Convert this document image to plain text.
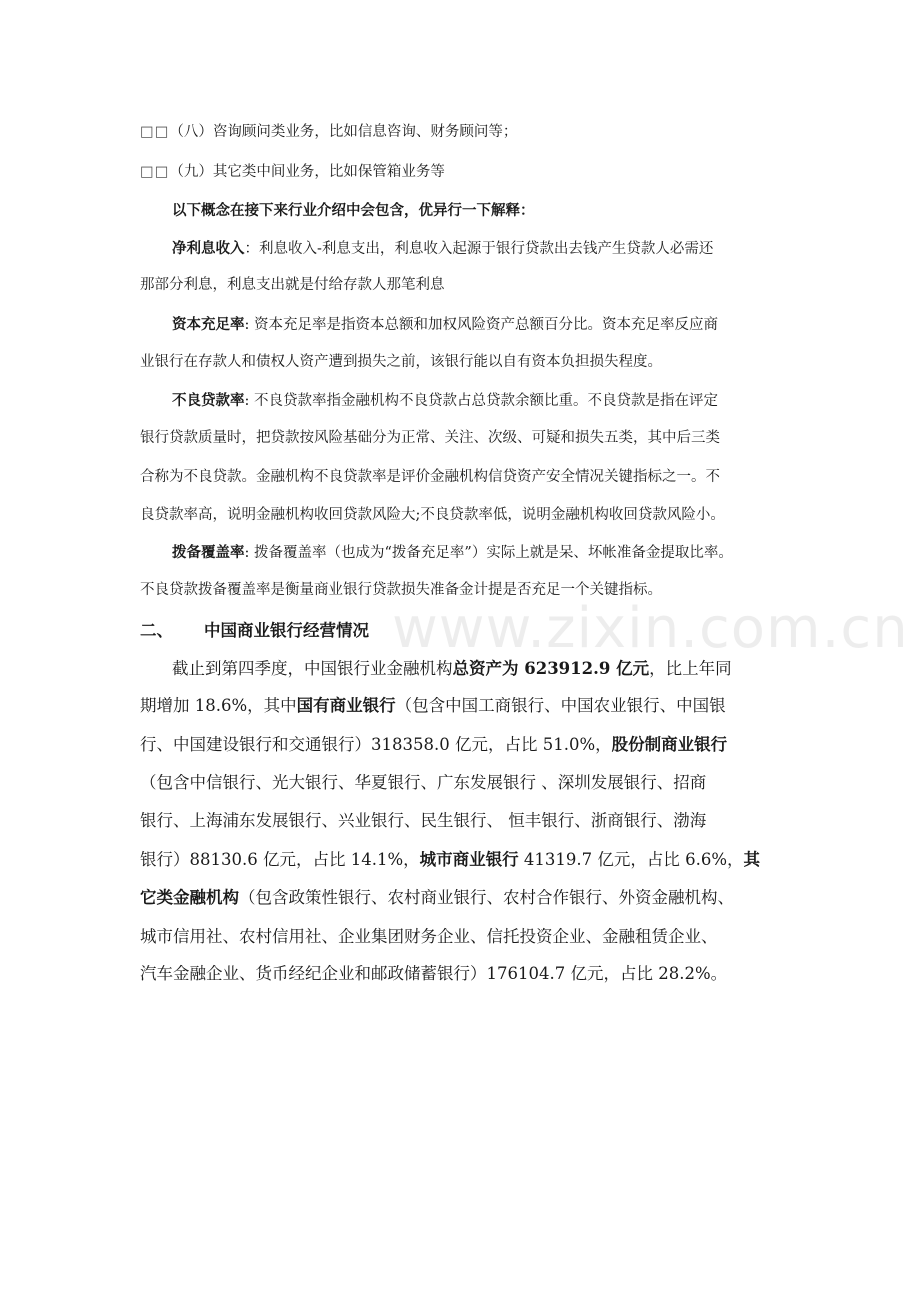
□□（八）咨询顾问类业务，比如信息咨询、财务顾问等；
□□（九）其它类中间业务，比如保管箱业务等
以下概念在接下来行业介绍中会包含，优异行一下解释：
净利息收入：利息收入-利息支出，利息收入起源于银行贷款出去钱产生贷款人必需还
那部分利息，利息支出就是付给存款人那笔利息
资本充足率: 资本充足率是指资本总额和加权风险资产总额百分比。资本充足率反应商
业银行在存款人和债权人资产遭到损失之前，该银行能以自有资本负担损失程度。
不良贷款率: 不良贷款率指金融机构不良贷款占总贷款余额比重。不良贷款是指在评定
银行贷款质量时，把贷款按风险基础分为正常、关注、次级、可疑和损失五类，其中后三类
合称为不良贷款。金融机构不良贷款率是评价金融机构信贷资产安全情况关键指标之一。不
良贷款率高，说明金融机构收回贷款风险大;不良贷款率低，说明金融机构收回贷款风险小。
拨备覆盖率: 拨备覆盖率（也成为“拨备充足率”）实际上就是呆、坏帐准备金提取比率。
不良贷款拨备覆盖率是衡量商业银行贷款损失准备金计提是否充足一个关键指标。
www.zixin.com.cn
二、 中国商业银行经营情况
截止到第四季度，中国银行业金融机构总资产为 623912.9 亿元，比上年同
期增加 18.6%，其中国有商业银行（包含中国工商银行、中国农业银行、中国银
行、中国建设银行和交通银行）318358.0 亿元，占比 51.0%，股份制商业银行
（包含中信银行、光大银行、华夏银行、广东发展银行 、深圳发展银行、招商
银行、上海浦东发展银行、兴业银行、民生银行、 恒丰银行、浙商银行、渤海
银行）88130.6 亿元，占比 14.1%，城市商业银行 41319.7 亿元，占比 6.6%，其
它类金融机构（包含政策性银行、农村商业银行、农村合作银行、外资金融机构、
城市信用社、农村信用社、企业集团财务企业、信托投资企业、金融租赁企业、
汽车金融企业、货币经纪企业和邮政储蓄银行）176104.7 亿元，占比 28.2%。
